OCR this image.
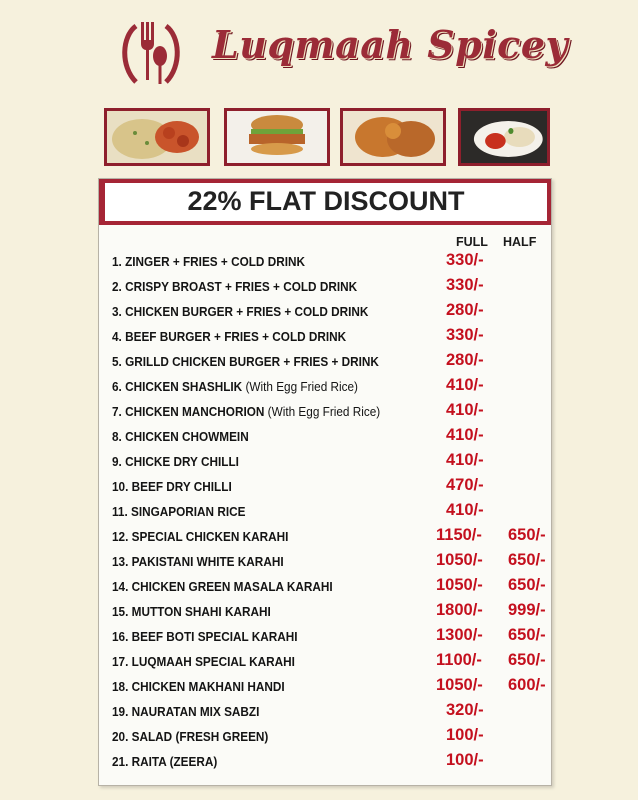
Luqmaah Spicey
22% FLAT DISCOUNT
FULL HALF
1. ZINGER + FRIES + COLD DRINK	330/-
2. CRISPY BROAST + FRIES + COLD DRINK	330/-
3. CHICKEN BURGER + FRIES + COLD DRINK	280/-
4. BEEF BURGER + FRIES + COLD DRINK	330/-
5. GRILLD CHICKEN BURGER + FRIES + DRINK	280/-
6. CHICKEN SHASHLIK (With Egg Fried Rice)	410/-
7. CHICKEN MANCHORION (With Egg Fried Rice)	410/-
8. CHICKEN CHOWMEIN	410/-
9. CHICKE DRY CHILLI	410/-
10. BEEF DRY CHILLI	470/-
11. SINGAPORIAN RICE	410/-
12. SPECIAL CHICKEN KARAHI	1150/- 650/-
13. PAKISTANI WHITE KARAHI	1050/- 650/-
14. CHICKEN GREEN MASALA KARAHI	1050/- 650/-
15. MUTTON SHAHI KARAHI	1800/- 999/-
16. BEEF BOTI SPECIAL KARAHI	1300/- 650/-
17. LUQMAAH SPECIAL KARAHI	1100/- 650/-
18. CHICKEN MAKHANI HANDI	1050/- 600/-
19. NAURATAN MIX SABZI	320/-
20. SALAD (FRESH GREEN)	100/-
21. RAITA (ZEERA)	100/-
